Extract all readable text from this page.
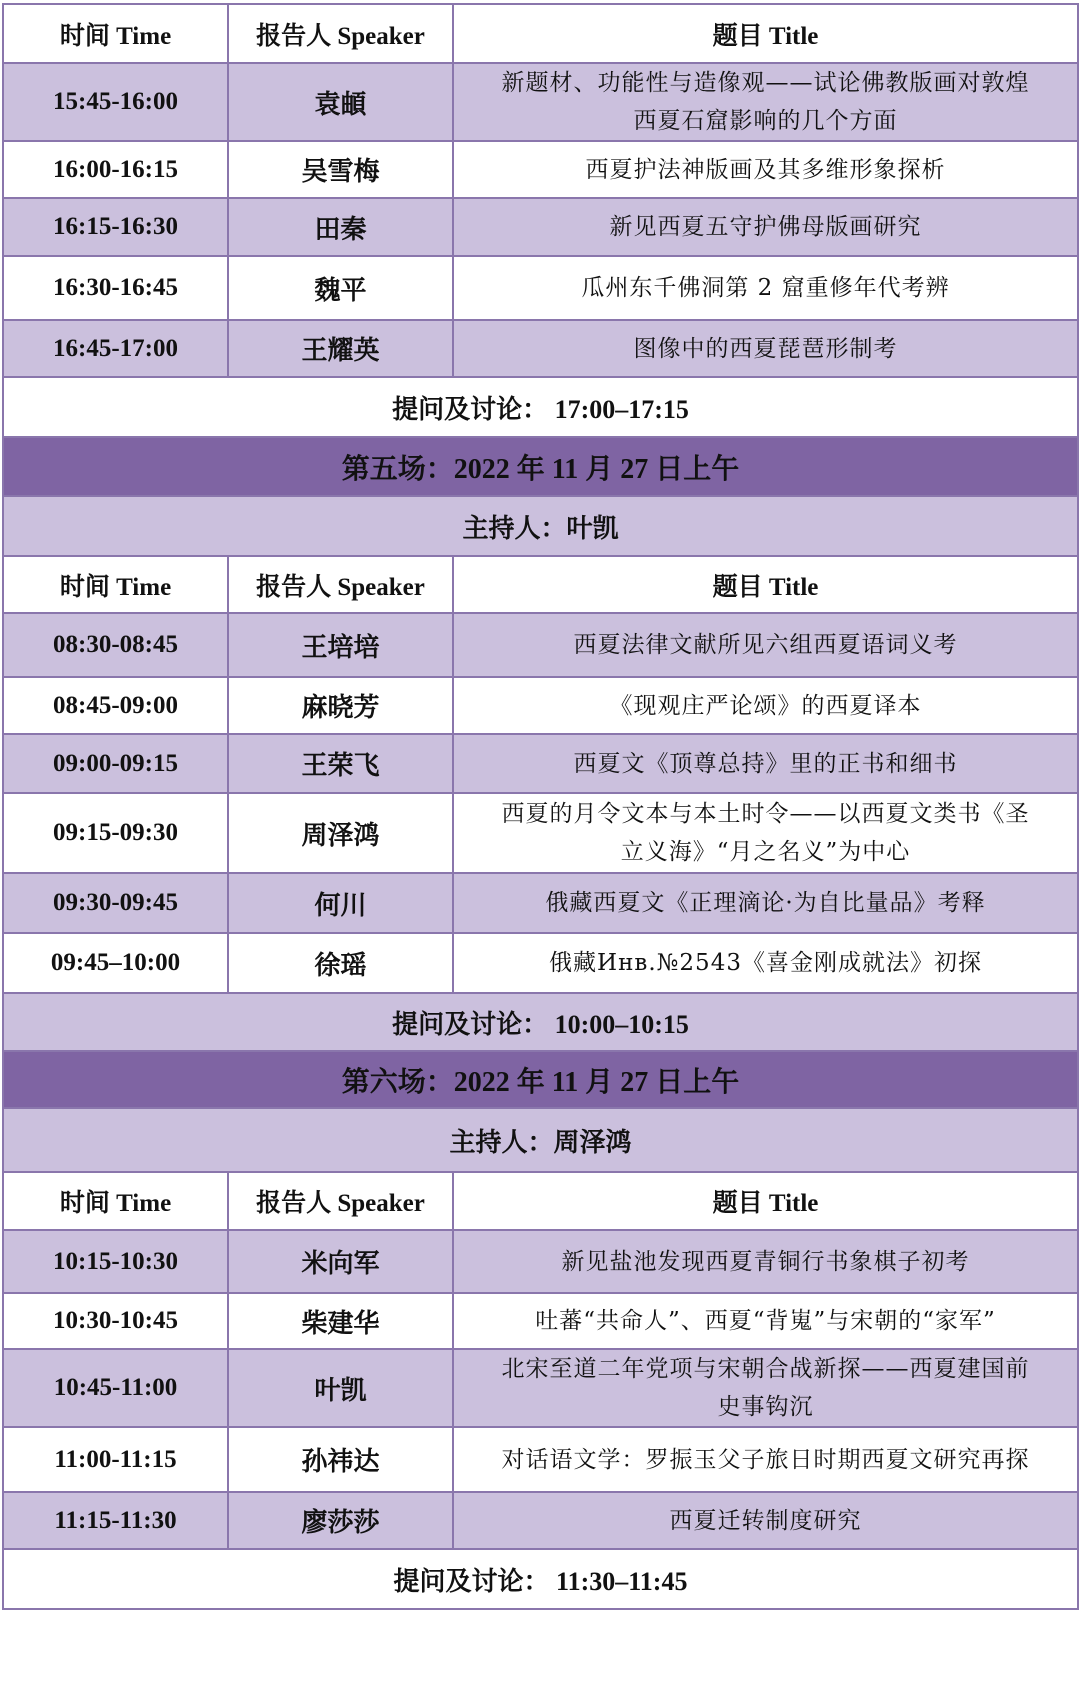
时间 Time	报告人 Speaker	题目 Title
15:45-16:00	袁頔	新题材、功能性与造像观——试论佛教版画对敦煌
西夏石窟影响的几个方面

16:00-16:15	吴雪梅	西夏护法神版画及其多维形象探析

16:15-16:30	田秦	新见西夏五守护佛母版画研究

16:30-16:45	魏平	瓜州东千佛洞第 2 窟重修年代考辨

16:45-17:00	王耀英	图像中的西夏琵琶形制考

提问及讨论： 17:00–17:15		
第五场：2022 年 11 月 27 日上午		
主持人：叶凯		
时间 Time	报告人 Speaker	题目 Title
08:30-08:45	王培培	西夏法律文献所见六组西夏语词义考

08:45-09:00	麻晓芳	《现观庄严论颂》的西夏译本

09:00-09:15	王荣飞	西夏文《顶尊总持》里的正书和细书

09:15-09:30	周泽鸿	西夏的月令文本与本土时令——以西夏文类书《圣
立义海》“月之名义”为中心

09:30-09:45	何川	俄藏西夏文《正理滴论·为自比量品》考释

09:45–10:00	徐瑶	俄藏Инв.№2543《喜金刚成就法》初探

提问及讨论： 10:00–10:15		
第六场：2022 年 11 月 27 日上午		
主持人：周泽鸿		
时间 Time	报告人 Speaker	题目 Title
10:15-10:30	米向军	新见盐池发现西夏青铜行书象棋子初考

10:30-10:45	柴建华	吐蕃“共命人”、西夏“背嵬”与宋朝的“家军”

10:45-11:00	叶凯	北宋至道二年党项与宋朝合战新探——西夏建国前
史事钩沉

11:00-11:15	孙祎达	对话语文学：罗振玉父子旅日时期西夏文研究再探

11:15-11:30	廖莎莎	西夏迁转制度研究

提问及讨论： 11:30–11:45		
